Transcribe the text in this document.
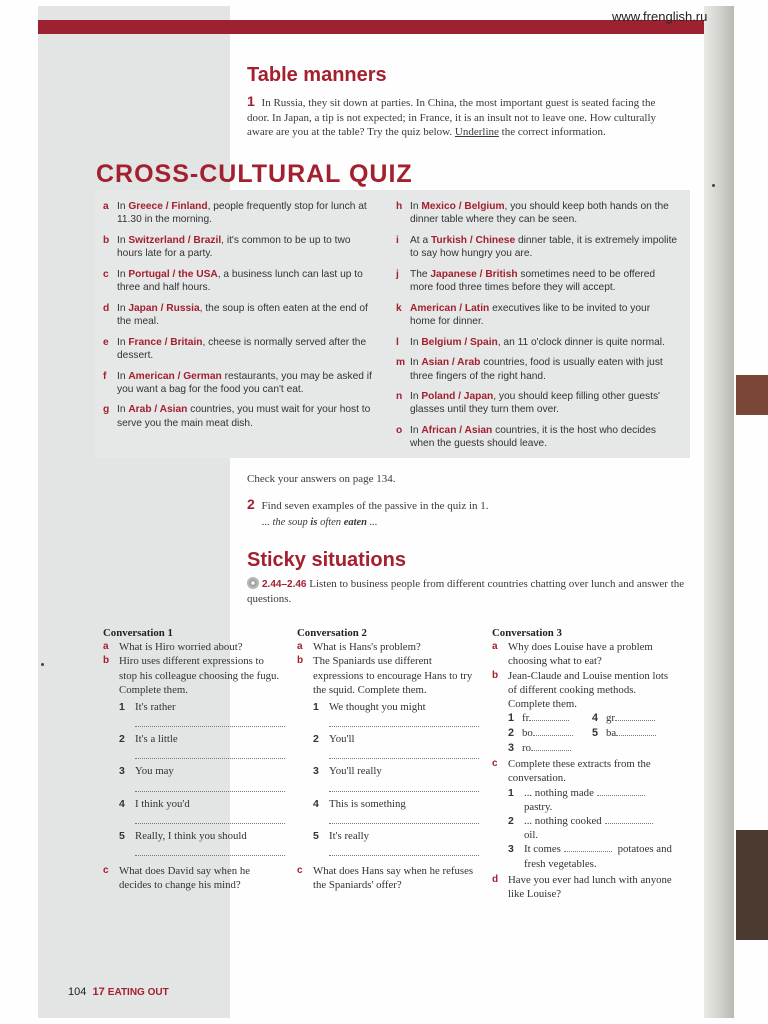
www.frenglish.ru
Table manners
1 In Russia, they sit down at parties. In China, the most important guest is seated facing the door. In Japan, a tip is not expected; in France, it is an insult not to leave one. How culturally aware are you at the table? Try the quiz below. Underline the correct information.
CROSS-CULTURAL QUIZ
a In Greece / Finland, people frequently stop for lunch at 11.30 in the morning.
b In Switzerland / Brazil, it's common to be up to two hours late for a party.
c In Portugal / the USA, a business lunch can last up to three and half hours.
d In Japan / Russia, the soup is often eaten at the end of the meal.
e In France / Britain, cheese is normally served after the dessert.
f In American / German restaurants, you may be asked if you want a bag for the food you can't eat.
g In Arab / Asian countries, you must wait for your host to serve you the main meat dish.
h In Mexico / Belgium, you should keep both hands on the dinner table where they can be seen.
i At a Turkish / Chinese dinner table, it is extremely impolite to say how hungry you are.
j The Japanese / British sometimes need to be offered more food three times before they will accept.
k American / Latin executives like to be invited to your home for dinner.
l In Belgium / Spain, an 11 o'clock dinner is quite normal.
m In Asian / Arab countries, food is usually eaten with just three fingers of the right hand.
n In Poland / Japan, you should keep filling other guests' glasses until they turn them over.
o In African / Asian countries, it is the host who decides when the guests should leave.
Check your answers on page 134.
2 Find seven examples of the passive in the quiz in 1.
... the soup is often eaten ...
Sticky situations
2.44–2.46 Listen to business people from different countries chatting over lunch and answer the questions.
Conversation 1
a What is Hiro worried about?
b Hiro uses different expressions to stop his colleague choosing the fugu. Complete them.
1 It's rather
2 It's a little
3 You may
4 I think you'd
5 Really, I think you should
c What does David say when he decides to change his mind?
Conversation 2
a What is Hans's problem?
b The Spaniards use different expressions to encourage Hans to try the squid. Complete them.
1 We thought you might
2 You'll
3 You'll really
4 This is something
5 It's really
c What does Hans say when he refuses the Spaniards' offer?
Conversation 3
a Why does Louise have a problem choosing what to eat?
b Jean-Claude and Louise mention lots of different cooking methods. Complete them.
1 fr	4 gr
2 bo	5 ba
3 ro
c Complete these extracts from the conversation.
1 ... nothing made
pastry.
2 ... nothing cooked
oil.
3 It comes	potatoes and fresh vegetables.
d Have you ever had lunch with anyone like Louise?
104 17 EATING OUT
